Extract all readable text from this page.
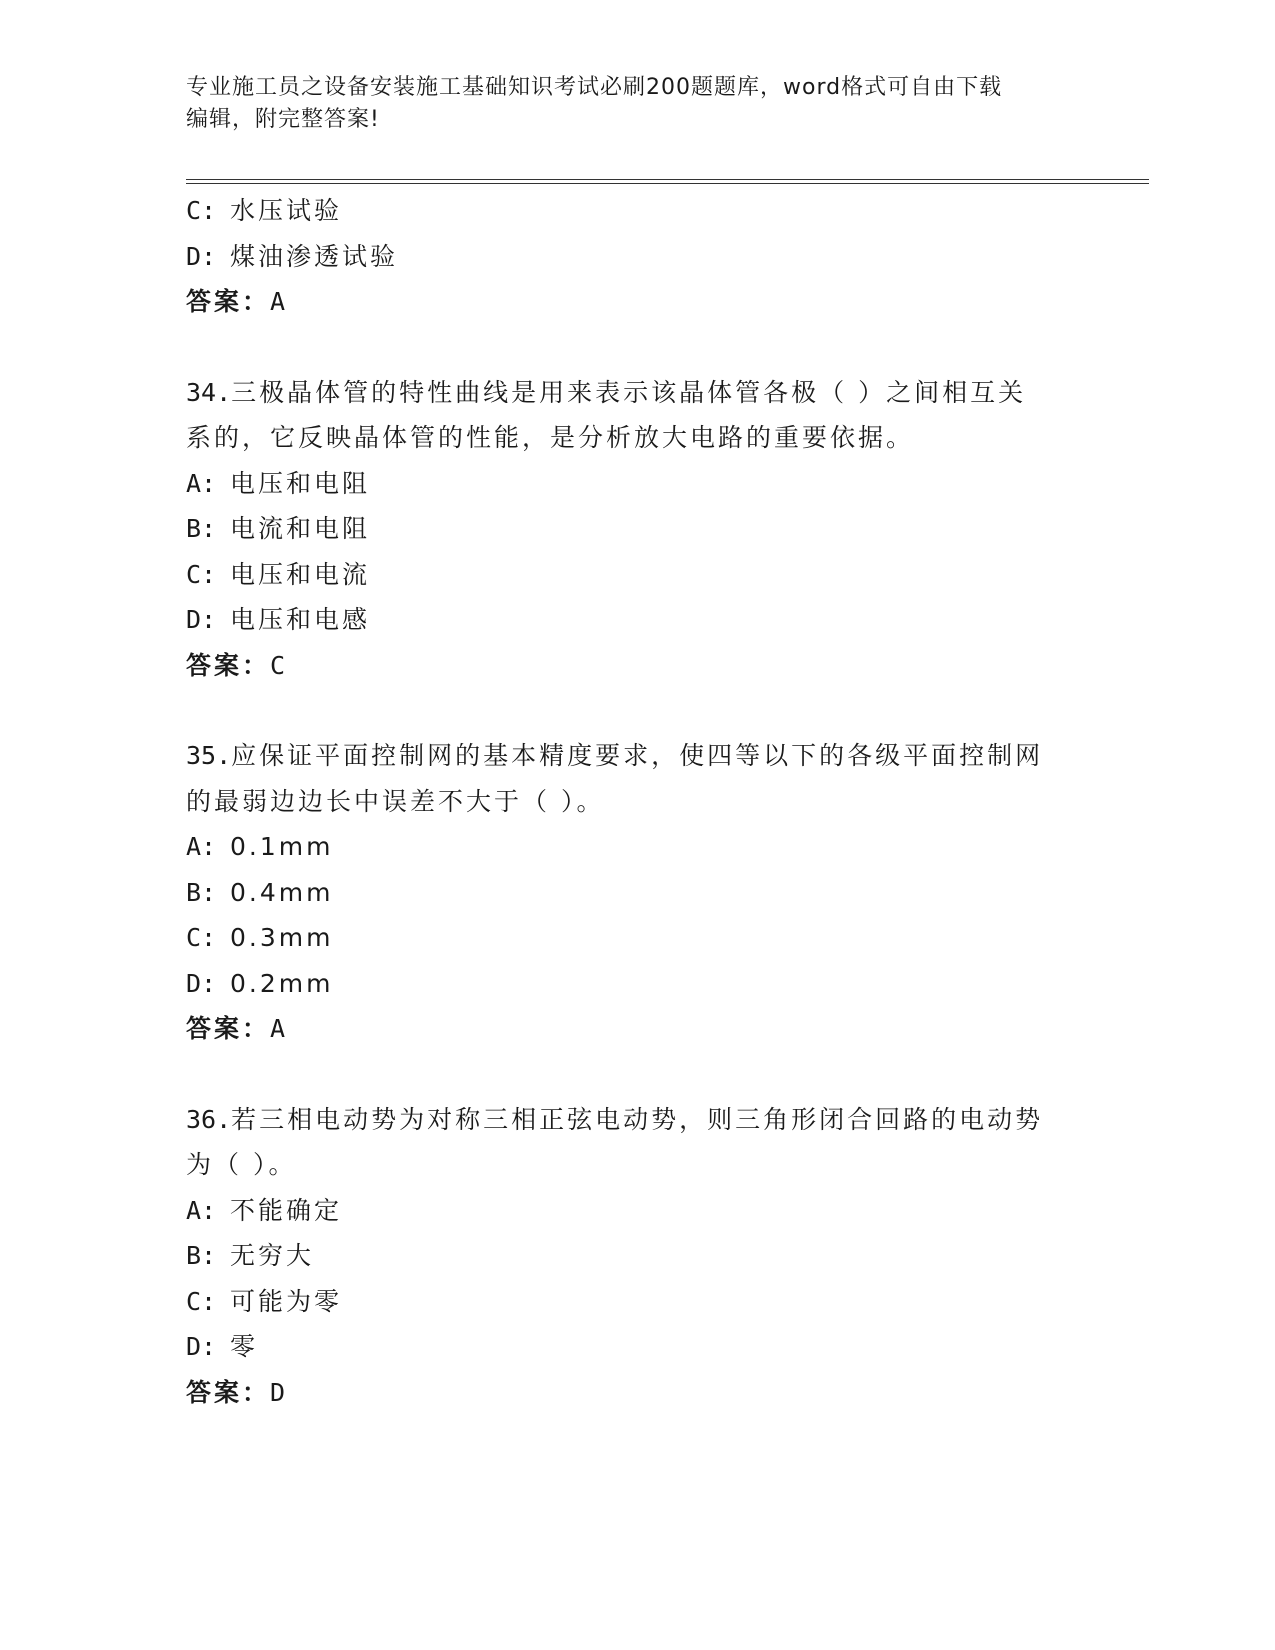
专业施工员之设备安装施工基础知识考试必刷200题题库，word格式可自由下载
编辑，附完整答案!
C: 水压试验
D: 煤油渗透试验
答案：A
34.三极晶体管的特性曲线是用来表示该晶体管各极（ ）之间相互关
系的，它反映晶体管的性能，是分析放大电路的重要依据。
A: 电压和电阻
B: 电流和电阻
C: 电压和电流
D: 电压和电感
答案：C
35.应保证平面控制网的基本精度要求，使四等以下的各级平面控制网
的最弱边边长中误差不大于（ ）。
A: 0.1mm
B: 0.4mm
C: 0.3mm
D: 0.2mm
答案：A
36.若三相电动势为对称三相正弦电动势，则三角形闭合回路的电动势
为（ ）。
A: 不能确定
B: 无穷大
C: 可能为零
D: 零
答案：D
